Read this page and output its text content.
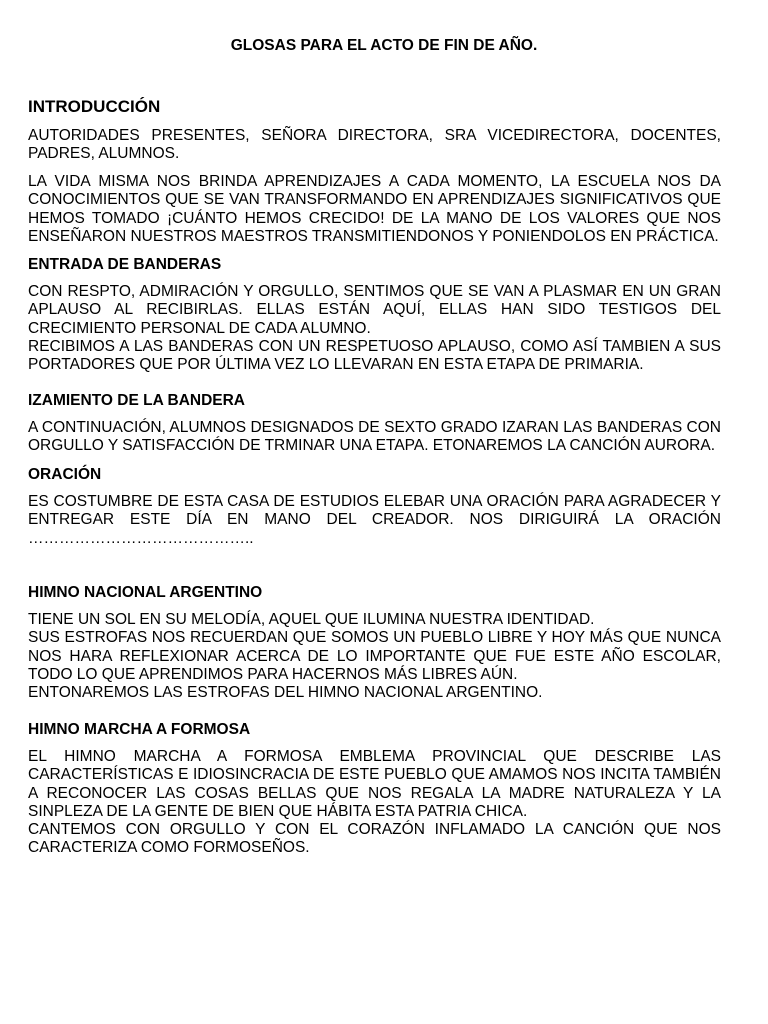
GLOSAS PARA EL ACTO DE FIN DE AÑO.
INTRODUCCIÓN

AUTORIDADES PRESENTES, SEÑORA DIRECTORA, SRA VICEDIRECTORA, DOCENTES, PADRES, ALUMNOS.

LA VIDA MISMA NOS BRINDA APRENDIZAJES A CADA MOMENTO, LA ESCUELA NOS DA CONOCIMIENTOS QUE SE VAN TRANSFORMANDO EN APRENDIZAJES SIGNIFICATIVOS QUE HEMOS TOMADO ¡CUÁNTO HEMOS CRECIDO! DE LA MANO DE LOS VALORES QUE NOS ENSEÑARON NUESTROS MAESTROS TRANSMITIENDONOS Y PONIENDOLOS EN PRÁCTICA.

ENTRADA DE BANDERAS

CON RESPTO, ADMIRACIÓN Y ORGULLO, SENTIMOS QUE SE VAN A PLASMAR EN UN GRAN APLAUSO AL RECIBIRLAS. ELLAS ESTÁN AQUÍ, ELLAS HAN SIDO TESTIGOS DEL CRECIMIENTO PERSONAL DE CADA ALUMNO.

RECIBIMOS A LAS BANDERAS CON UN RESPETUOSO APLAUSO, COMO ASÍ TAMBIEN A SUS PORTADORES QUE POR ÚLTIMA VEZ LO LLEVARAN EN ESTA ETAPA DE PRIMARIA.

IZAMIENTO DE LA BANDERA

A CONTINUACIÓN, ALUMNOS DESIGNADOS DE SEXTO GRADO IZARAN LAS BANDERAS CON ORGULLO Y SATISFACCIÓN DE TRMINAR UNA ETAPA. ETONAREMOS LA CANCIÓN AURORA.

ORACIÓN

ES COSTUMBRE DE ESTA CASA DE ESTUDIOS ELEBAR UNA ORACIÓN PARA AGRADECER Y ENTREGAR ESTE DÍA EN MANO DEL CREADOR. NOS DIRIGUIRÁ LA ORACIÓN ……………………………………..

HIMNO NACIONAL ARGENTINO

TIENE UN SOL EN SU MELODÍA, AQUEL QUE ILUMINA NUESTRA IDENTIDAD.

SUS ESTROFAS NOS RECUERDAN QUE SOMOS UN PUEBLO LIBRE Y HOY MÁS QUE NUNCA NOS HARA REFLEXIONAR ACERCA DE LO IMPORTANTE QUE FUE ESTE AÑO ESCOLAR, TODO LO QUE APRENDIMOS PARA HACERNOS MÁS LIBRES AÚN.

ENTONAREMOS LAS ESTROFAS DEL HIMNO NACIONAL ARGENTINO.

HIMNO MARCHA A FORMOSA

EL HIMNO MARCHA A FORMOSA EMBLEMA PROVINCIAL QUE DESCRIBE LAS CARACTERÍSTICAS E IDIOSINCRACIA DE ESTE PUEBLO QUE AMAMOS NOS INCITA TAMBIÉN A RECONOCER LAS COSAS BELLAS QUE NOS REGALA LA MADRE NATURALEZA Y LA SINPLEZA DE LA GENTE DE BIEN QUE HÁBITA ESTA PATRIA CHICA.

CANTEMOS CON ORGULLO Y CON EL CORAZÓN INFLAMADO LA CANCIÓN QUE NOS CARACTERIZA COMO FORMOSEÑOS.
